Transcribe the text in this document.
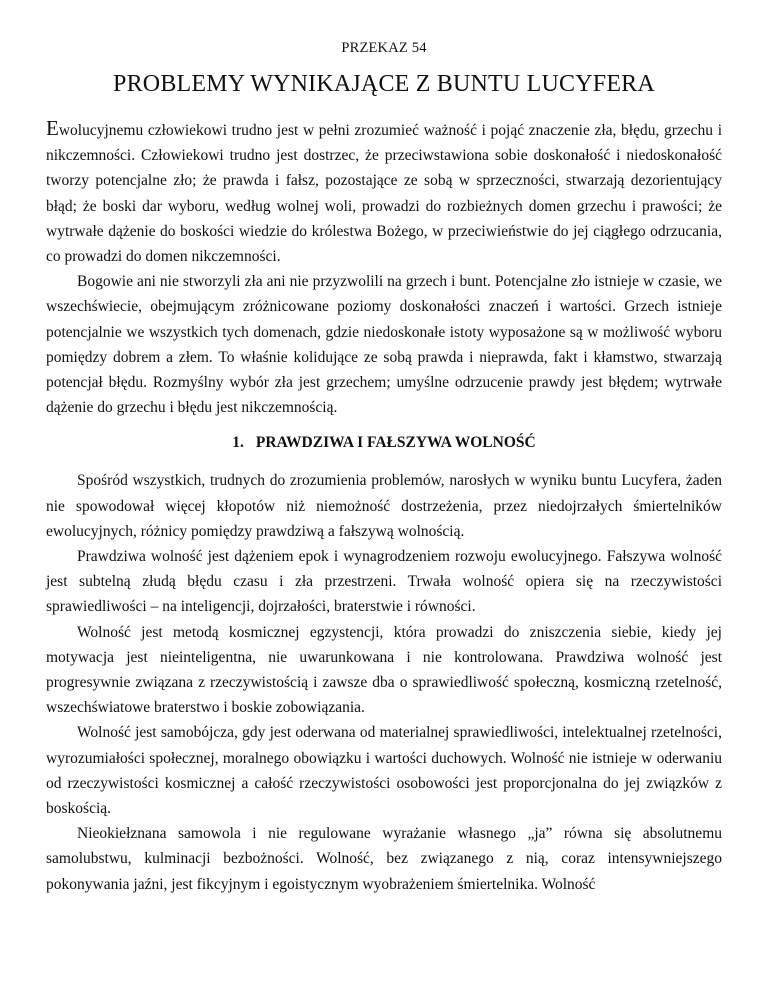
PRZEKAZ 54
PROBLEMY WYNIKAJĄCE Z BUNTU LUCYFERA

Ewolucyjnemu człowiekowi trudno jest w pełni zrozumieć ważność i pojąć znaczenie zła, błędu, grzechu i nikczemności. Człowiekowi trudno jest dostrzec, że przeciwstawiona sobie doskonałość i niedoskonałość tworzy potencjalne zło; że prawda i fałsz, pozostające ze sobą w sprzeczności, stwarzają dezorientujący błąd; że boski dar wyboru, według wolnej woli, prowadzi do rozbieżnych domen grzechu i prawości; że wytrwałe dążenie do boskości wiedzie do królestwa Bożego, w przeciwieństwie do jej ciągłego odrzucania, co prowadzi do domen nikczemności.

Bogowie ani nie stworzyli zła ani nie przyzwolili na grzech i bunt. Potencjalne zło istnieje w czasie, we wszechświecie, obejmującym zróżnicowane poziomy doskonałości znaczeń i wartości. Grzech istnieje potencjalnie we wszystkich tych domenach, gdzie niedoskonałe istoty wyposażone są w możliwość wyboru pomiędzy dobrem a złem. To właśnie kolidujące ze sobą prawda i nieprawda, fakt i kłamstwo, stwarzają potencjał błędu. Rozmyślny wybór zła jest grzechem; umyślne odrzucenie prawdy jest błędem; wytrwałe dążenie do grzechu i błędu jest nikczemnością.

1. PRAWDZIWA I FAŁSZYWA WOLNOŚĆ

Spośród wszystkich, trudnych do zrozumienia problemów, narosłych w wyniku buntu Lucyfera, żaden nie spowodował więcej kłopotów niż niemożność dostrzeżenia, przez niedojrzałych śmiertelników ewolucyjnych, różnicy pomiędzy prawdziwą a fałszywą wolnością.

Prawdziwa wolność jest dążeniem epok i wynagrodzeniem rozwoju ewolucyjnego. Fałszywa wolność jest subtelną złudą błędu czasu i zła przestrzeni. Trwała wolność opiera się na rzeczywistości sprawiedliwości – na inteligencji, dojrzałości, braterstwie i równości.

Wolność jest metodą kosmicznej egzystencji, która prowadzi do zniszczenia siebie, kiedy jej motywacja jest nieinteligentna, nie uwarunkowana i nie kontrolowana. Prawdziwa wolność jest progresywnie związana z rzeczywistością i zawsze dba o sprawiedliwość społeczną, kosmiczną rzetelność, wszechświatowe braterstwo i boskie zobowiązania.

Wolność jest samobójcza, gdy jest oderwana od materialnej sprawiedliwości, intelektualnej rzetelności, wyrozumiałości społecznej, moralnego obowiązku i wartości duchowych. Wolność nie istnieje w oderwaniu od rzeczywistości kosmicznej a całość rzeczywistości osobowości jest proporcjonalna do jej związków z boskością.

Nieokiełznana samowola i nie regulowane wyrażanie własnego „ja” równa się absolutnemu samolubstwu, kulminacji bezbożności. Wolność, bez związanego z nią, coraz intensywniejszego pokonywania jaźni, jest fikcyjnym i egoistycznym wyobrażeniem śmiertelnika. Wolność
